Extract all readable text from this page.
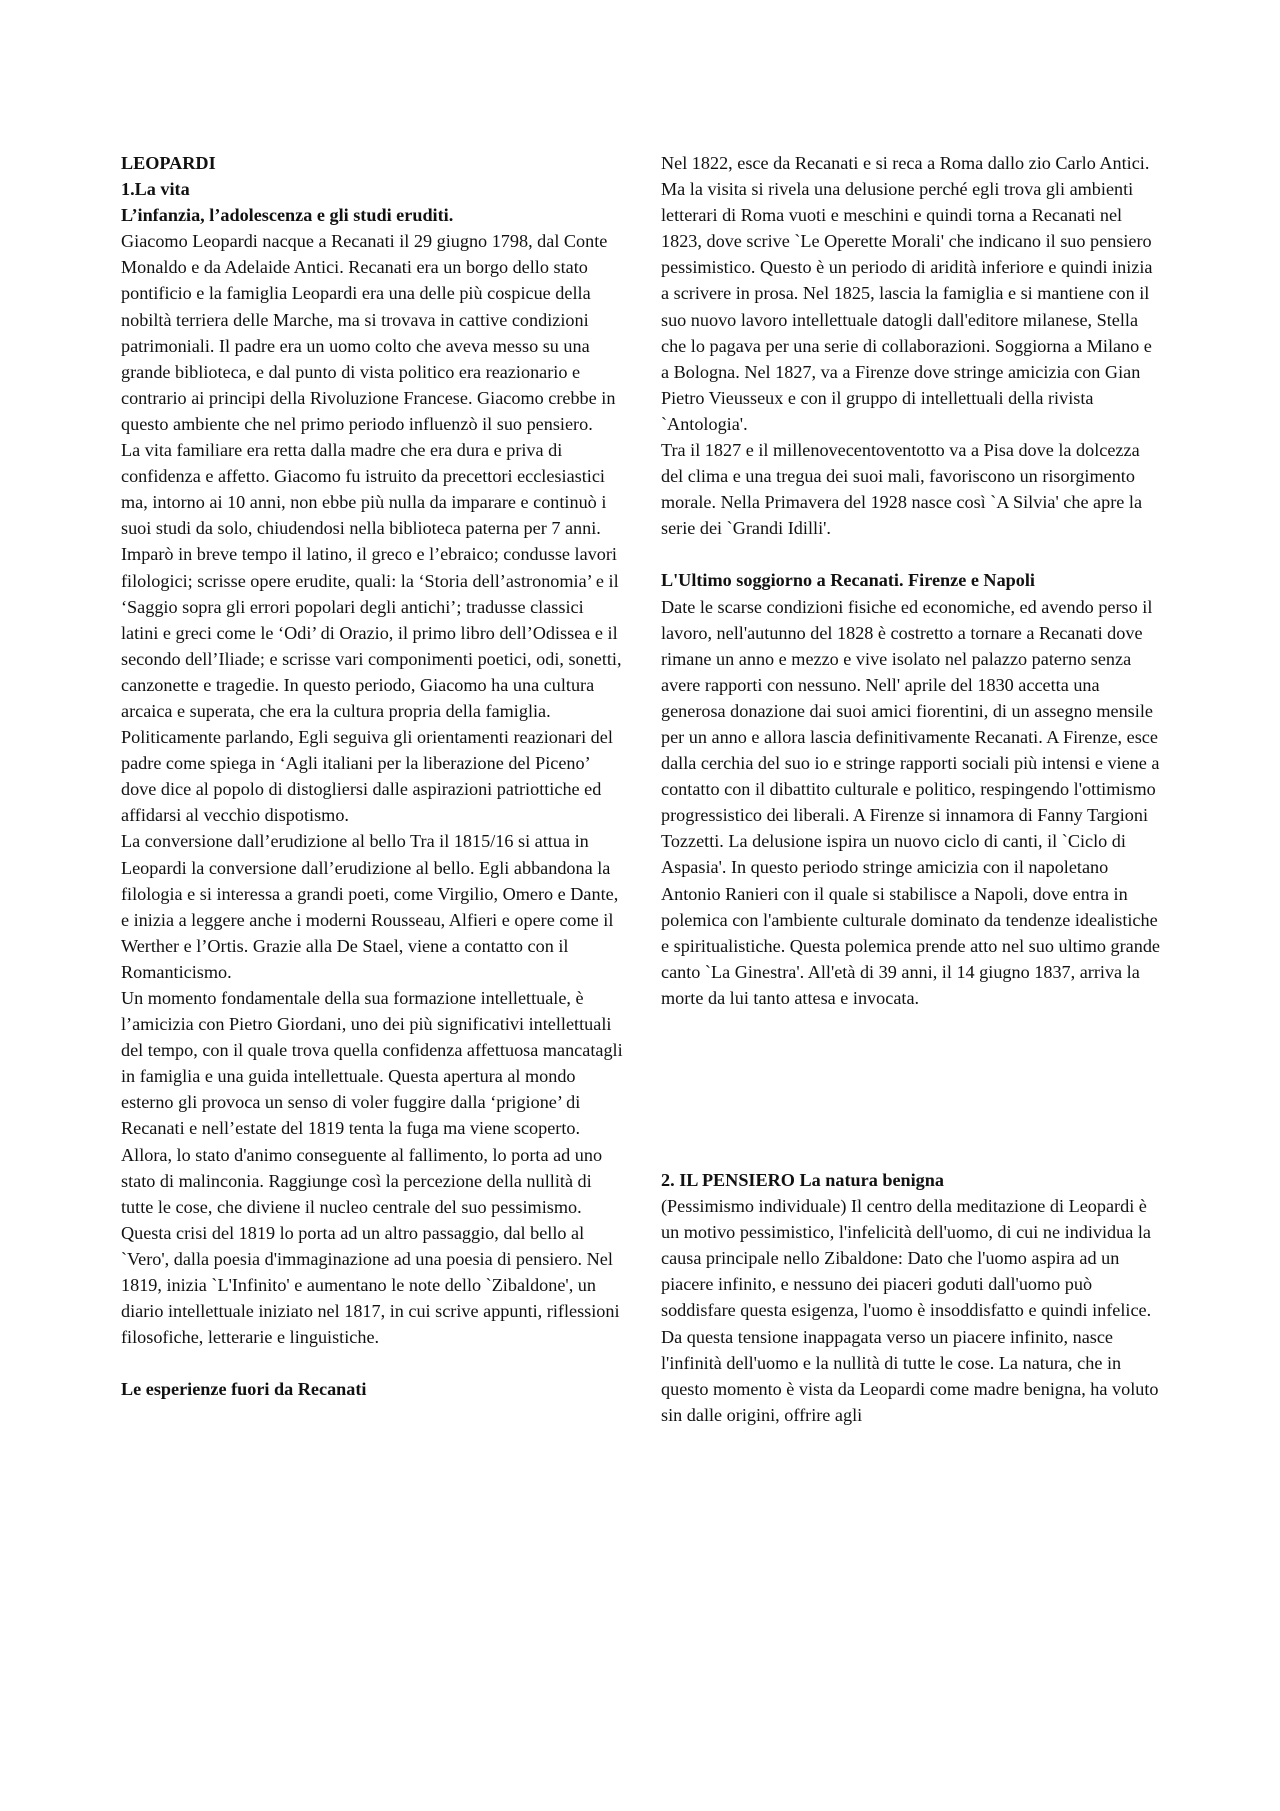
LEOPARDI

1.La vita

L’infanzia, l’adolescenza e gli studi eruditi.

Giacomo Leopardi nacque a Recanati il 29 giugno 1798, dal Conte Monaldo e da Adelaide Antici. Recanati era un borgo dello stato pontificio e la famiglia Leopardi era una delle più cospicue della nobiltà terriera delle Marche, ma si trovava in cattive condizioni patrimoniali. Il padre era un uomo colto che aveva messo su una grande biblioteca, e dal punto di vista politico era reazionario e contrario ai principi della Rivoluzione Francese. Giacomo crebbe in questo ambiente che nel primo periodo influenzò il suo pensiero.

La vita familiare era retta dalla madre che era dura e priva di confidenza e affetto. Giacomo fu istruito da precettori ecclesiastici ma, intorno ai 10 anni, non ebbe più nulla da imparare e continuò i suoi studi da solo, chiudendosi nella biblioteca paterna per 7 anni. Imparò in breve tempo il latino, il greco e l’ebraico; condusse lavori filologici; scrisse opere erudite, quali: la ‘Storia dell’astronomia’ e il ‘Saggio sopra gli errori popolari degli antichi’; tradusse classici latini e greci come le ‘Odi’ di Orazio, il primo libro dell’Odissea e il secondo dell’Iliade; e scrisse vari componimenti poetici, odi, sonetti, canzonette e tragedie. In questo periodo, Giacomo ha una cultura arcaica e superata, che era la cultura propria della famiglia. Politicamente parlando, Egli seguiva gli orientamenti reazionari del padre come spiega in ‘Agli italiani per la liberazione del Piceno’ dove dice al popolo di distogliersi dalle aspirazioni patriottiche ed affidarsi al vecchio dispotismo.

La conversione dall’erudizione al bello Tra il 1815/16 si attua in Leopardi la conversione dall’erudizione al bello. Egli abbandona la filologia e si interessa a grandi poeti, come Virgilio, Omero e Dante, e inizia a leggere anche i moderni Rousseau, Alfieri e opere come il Werther e l’Ortis. Grazie alla De Stael, viene a contatto con il Romanticismo.

Un momento fondamentale della sua formazione intellettuale, è l’amicizia con Pietro Giordani, uno dei più significativi intellettuali del tempo, con il quale trova quella confidenza affettuosa mancatagli in famiglia e una guida intellettuale. Questa apertura al mondo esterno gli provoca un senso di voler fuggire dalla ‘prigione’ di Recanati e nell’estate del 1819 tenta la fuga ma viene scoperto.

Allora, lo stato d'animo conseguente al fallimento, lo porta ad uno stato di malinconia. Raggiunge così la percezione della nullità di tutte le cose, che diviene il nucleo centrale del suo pessimismo. Questa crisi del 1819 lo porta ad un altro passaggio, dal bello al `Vero', dalla poesia d'immaginazione ad una poesia di pensiero. Nel 1819, inizia `L'Infinito' e aumentano le note dello `Zibaldone', un diario intellettuale iniziato nel 1817, in cui scrive appunti, riflessioni filosofiche, letterarie e linguistiche.

Le esperienze fuori da Recanati

Nel 1822, esce da Recanati e si reca a Roma dallo zio Carlo Antici. Ma la visita si rivela una delusione perché egli trova gli ambienti letterari di Roma vuoti e meschini e quindi torna a Recanati nel 1823, dove scrive `Le Operette Morali' che indicano il suo pensiero pessimistico. Questo è un periodo di aridità inferiore e quindi inizia a scrivere in prosa. Nel 1825, lascia la famiglia e si mantiene con il suo nuovo lavoro intellettuale datogli dall'editore milanese, Stella che lo pagava per una serie di collaborazioni. Soggiorna a Milano e a Bologna. Nel 1827, va a Firenze dove stringe amicizia con Gian Pietro Vieusseux e con il gruppo di intellettuali della rivista `Antologia'.

Tra il 1827 e il millenovecentoventotto va a Pisa dove la dolcezza del clima e una tregua dei suoi mali, favoriscono un risorgimento morale. Nella Primavera del 1928 nasce così `A Silvia' che apre la serie dei `Grandi Idilli'.

L'Ultimo soggiorno a Recanati. Firenze e Napoli

Date le scarse condizioni fisiche ed economiche, ed avendo perso il lavoro, nell'autunno del 1828 è costretto a tornare a Recanati dove rimane un anno e mezzo e vive isolato nel palazzo paterno senza avere rapporti con nessuno. Nell' aprile del 1830 accetta una generosa donazione dai suoi amici fiorentini, di un assegno mensile per un anno e allora lascia definitivamente Recanati. A Firenze, esce dalla cerchia del suo io e stringe rapporti sociali più intensi e viene a contatto con il dibattito culturale e politico, respingendo l'ottimismo progressistico dei liberali. A Firenze si innamora di Fanny Targioni Tozzetti. La delusione ispira un nuovo ciclo di canti, il `Ciclo di Aspasia'. In questo periodo stringe amicizia con il napoletano Antonio Ranieri con il quale si stabilisce a Napoli, dove entra in polemica con l'ambiente culturale dominato da tendenze idealistiche e spiritualistiche. Questa polemica prende atto nel suo ultimo grande canto `La Ginestra'. All'età di 39 anni, il 14 giugno 1837, arriva la morte da lui tanto attesa e invocata.

2. IL PENSIERO La natura benigna

(Pessimismo individuale) Il centro della meditazione di Leopardi è un motivo pessimistico, l'infelicità dell'uomo, di cui ne individua la causa principale nello Zibaldone: Dato che l'uomo aspira ad un piacere infinito, e nessuno dei piaceri goduti dall'uomo può soddisfare questa esigenza, l'uomo è insoddisfatto e quindi infelice. Da questa tensione inappagata verso un piacere infinito, nasce l'infinità dell'uomo e la nullità di tutte le cose. La natura, che in questo momento è vista da Leopardi come madre benigna, ha voluto sin dalle origini, offrire agli
